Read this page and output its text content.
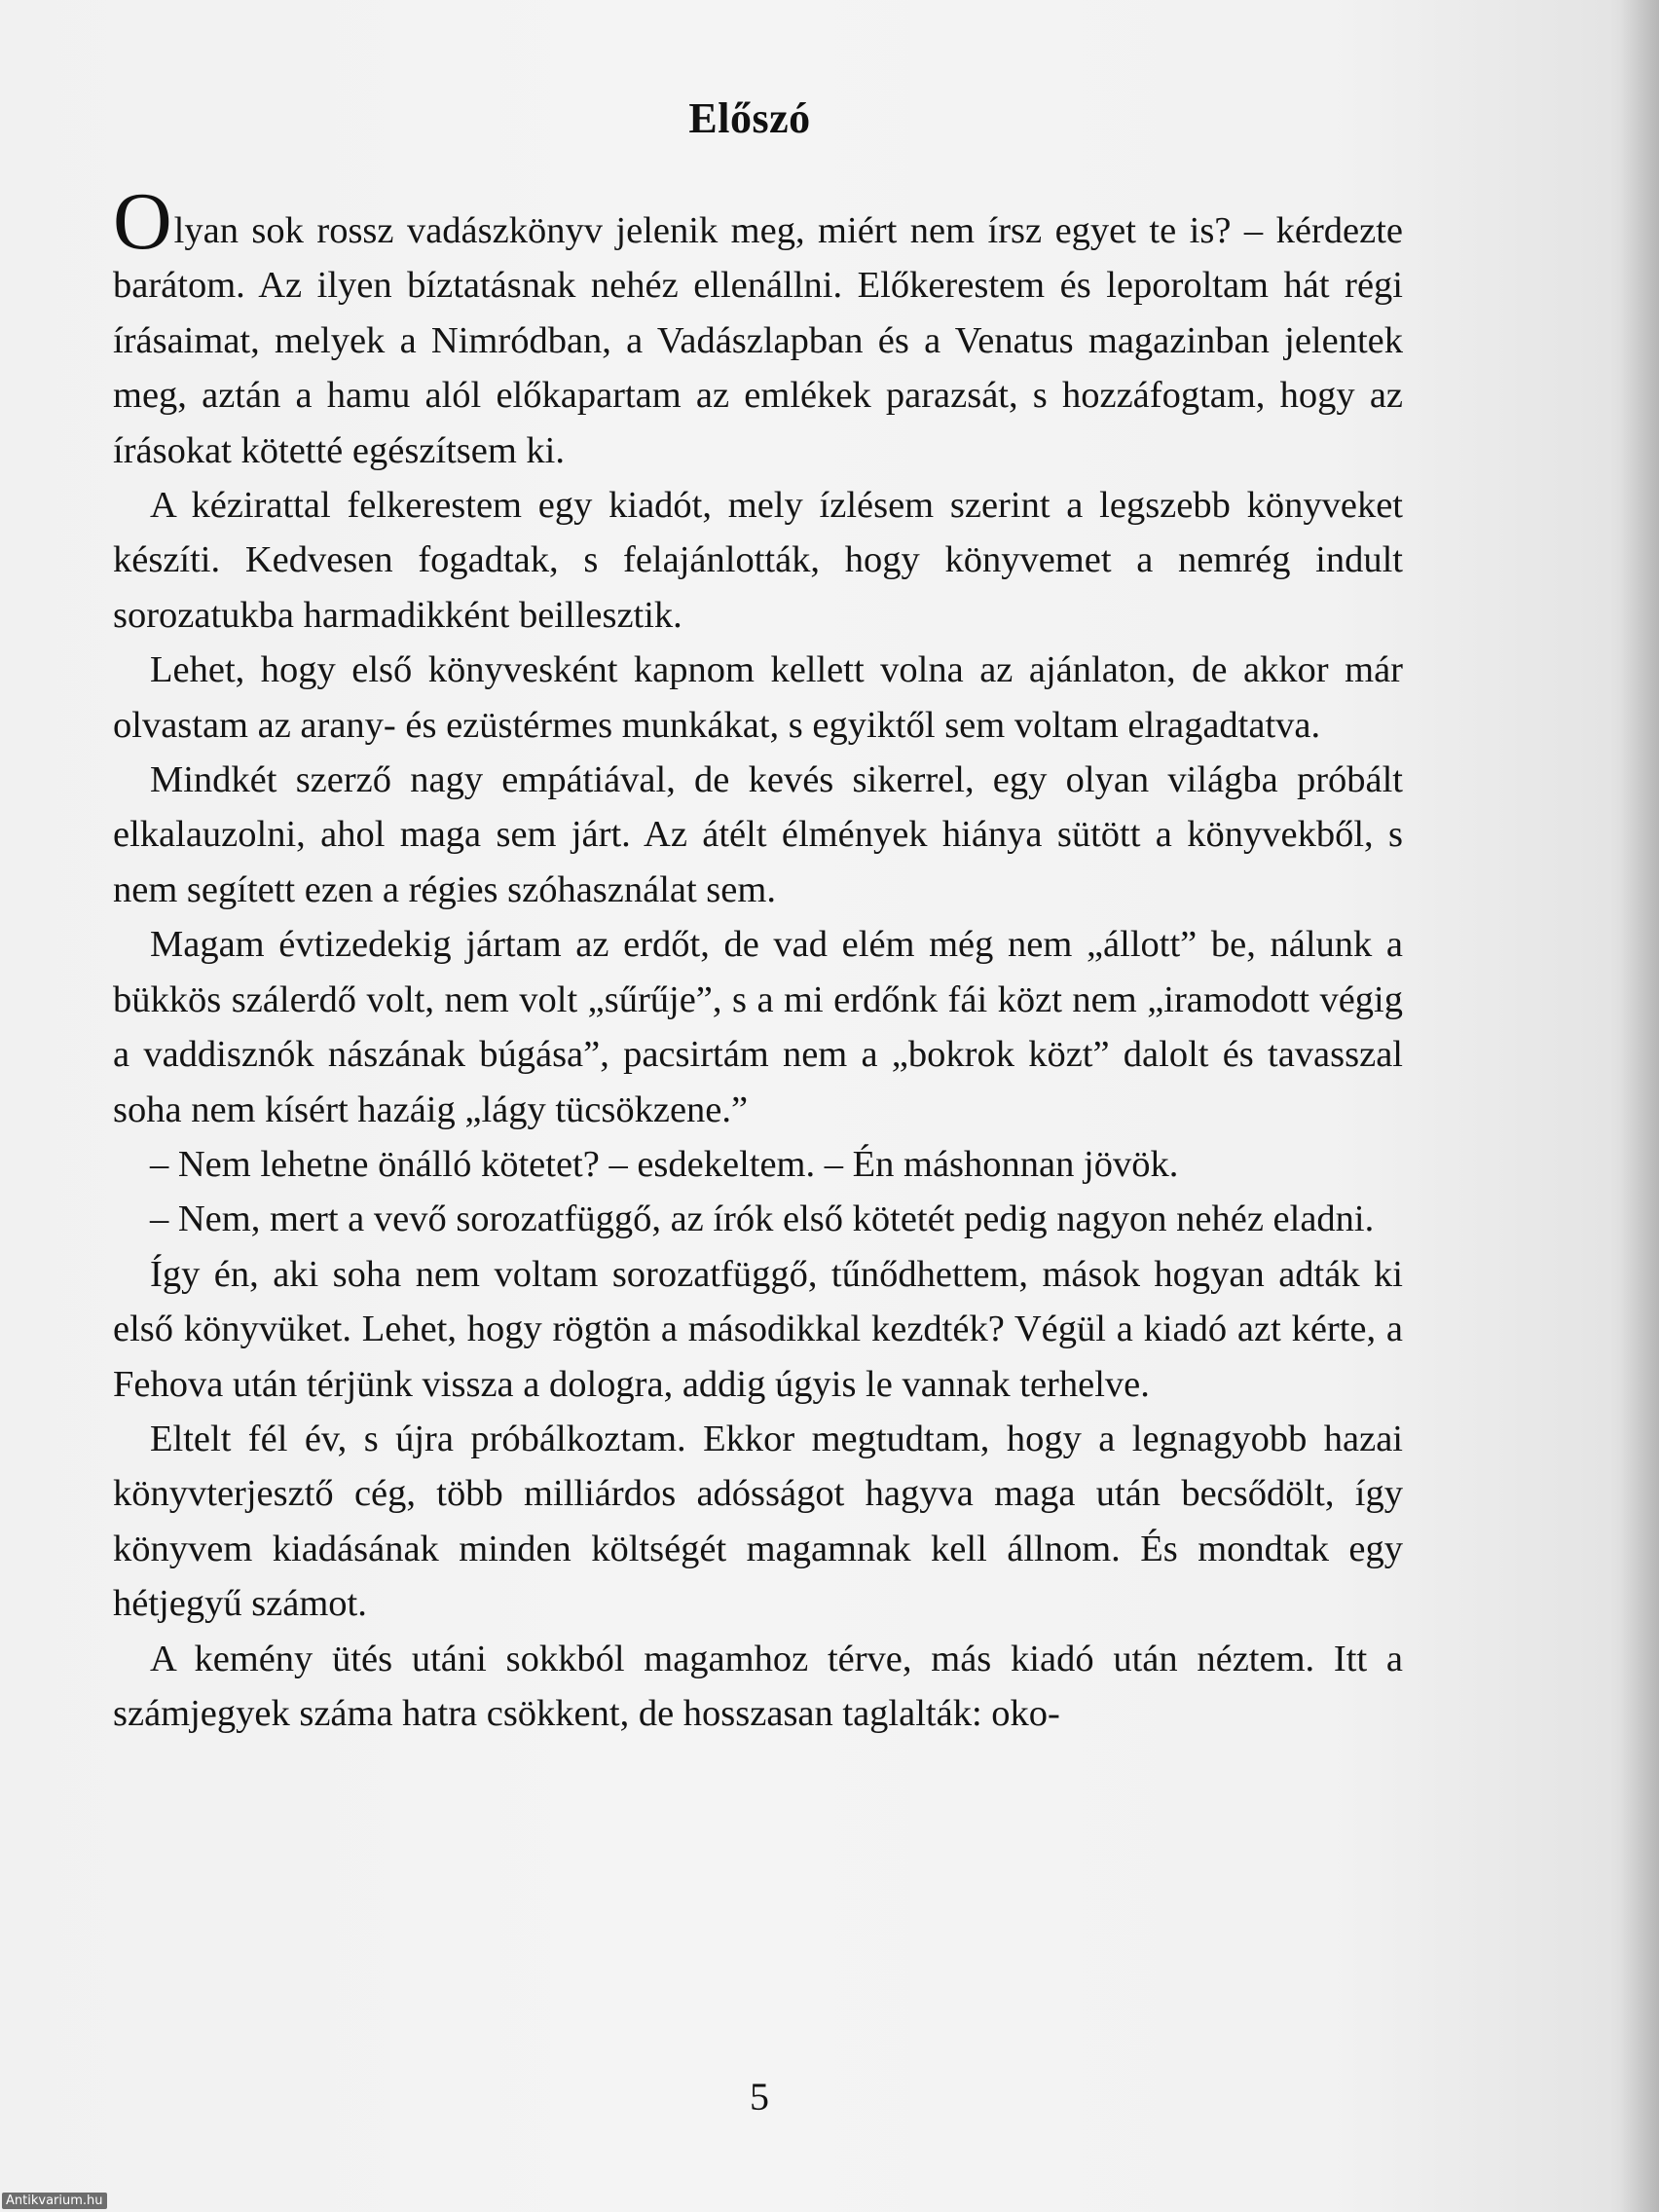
Előszó

Olyan sok rossz vadászkönyv jelenik meg, miért nem írsz egyet te is? – kérdezte barátom. Az ilyen bíztatásnak nehéz ellenállni. Előkerestem és leporoltam hát régi írásaimat, melyek a Nimródban, a Vadászlapban és a Venatus magazinban jelentek meg, aztán a hamu alól előkapartam az emlékek parazsát, s hozzáfogtam, hogy az írásokat kötetté egészítsem ki.

A kézirattal felkerestem egy kiadót, mely ízlésem szerint a legszebb könyveket készíti. Kedvesen fogadtak, s felajánlották, hogy könyvemet a nemrég indult sorozatukba harmadikként beillesztik.

Lehet, hogy első könyvesként kapnom kellett volna az ajánlaton, de akkor már olvastam az arany- és ezüstérmes munkákat, s egyiktől sem voltam elragadtatva.

Mindkét szerző nagy empátiával, de kevés sikerrel, egy olyan világba próbált elkalauzolni, ahol maga sem járt. Az átélt élmények hiánya sütött a könyvekből, s nem segített ezen a régies szóhasználat sem.

Magam évtizedekig jártam az erdőt, de vad elém még nem „állott” be, nálunk a bükkös szálerdő volt, nem volt „sűrűje”, s a mi erdőnk fái közt nem „iramodott végig a vaddisznók nászának búgása”, pacsirtám nem a „bokrok közt” dalolt és tavasszal soha nem kísért hazáig „lágy tücsökzene.”

– Nem lehetne önálló kötetet? – esdekeltem. – Én máshonnan jövök.

– Nem, mert a vevő sorozatfüggő, az írók első kötetét pedig nagyon nehéz eladni.

Így én, aki soha nem voltam sorozatfüggő, tűnődhettem, mások hogyan adták ki első könyvüket. Lehet, hogy rögtön a másodikkal kezdték? Végül a kiadó azt kérte, a Fehova után térjünk vissza a dologra, addig úgyis le vannak terhelve.

Eltelt fél év, s újra próbálkoztam. Ekkor megtudtam, hogy a legnagyobb hazai könyvterjesztő cég, több milliárdos adósságot hagyva maga után becsődölt, így könyvem kiadásának minden költségét magamnak kell állnom. És mondtak egy hétjegyű számot.

A kemény ütés utáni sokkból magamhoz térve, más kiadó után néztem. Itt a számjegyek száma hatra csökkent, de hosszasan taglalták: oko-

5
Antikvarium.hu
